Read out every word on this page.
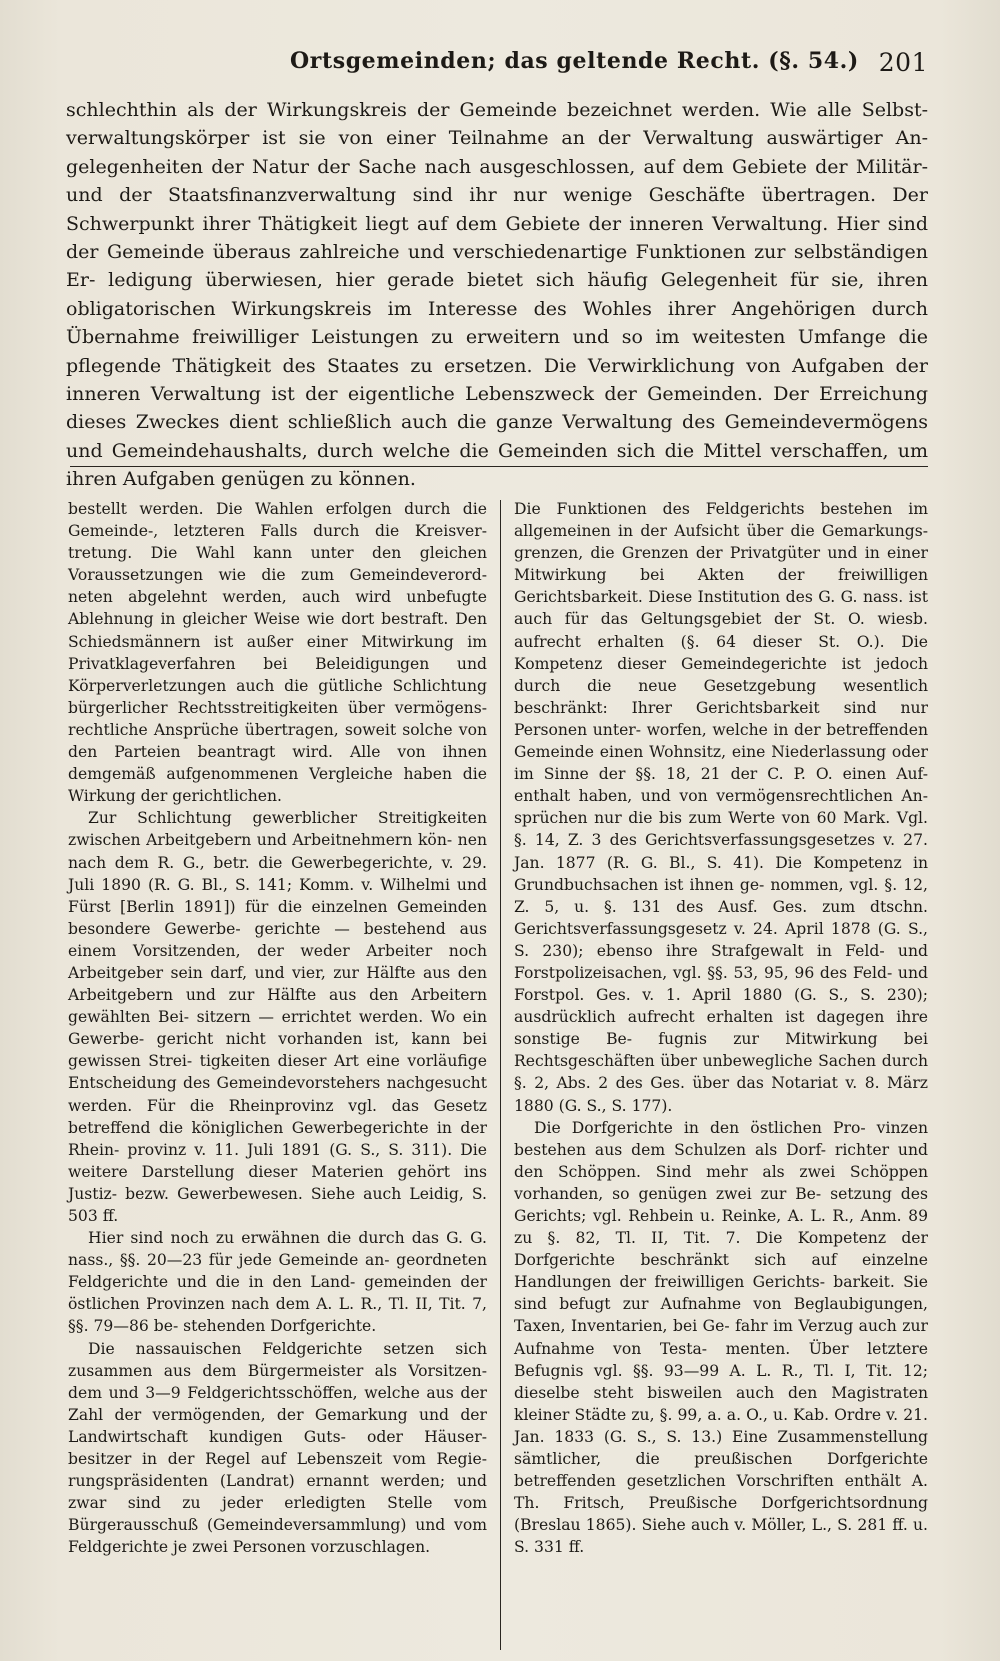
Ortsgemeinden; das geltende Recht. (§. 54.) 201

schlechthin als der Wirkungskreis der Gemeinde bezeichnet werden. Wie alle Selbst- verwaltungskörper ist sie von einer Teilnahme an der Verwaltung auswärtiger An- gelegenheiten der Natur der Sache nach ausgeschlossen, auf dem Gebiete der Militär- und der Staatsfinanzverwaltung sind ihr nur wenige Geschäfte übertragen. Der Schwerpunkt ihrer Thätigkeit liegt auf dem Gebiete der inneren Verwaltung. Hier sind der Gemeinde überaus zahlreiche und verschiedenartige Funktionen zur selbständigen Er- ledigung überwiesen, hier gerade bietet sich häufig Gelegenheit für sie, ihren obligatorischen Wirkungskreis im Interesse des Wohles ihrer Angehörigen durch Übernahme freiwilliger Leistungen zu erweitern und so im weitesten Umfange die pflegende Thätigkeit des Staates zu ersetzen. Die Verwirklichung von Aufgaben der inneren Verwaltung ist der eigentliche Lebenszweck der Gemeinden. Der Erreichung dieses Zweckes dient schließlich auch die ganze Verwaltung des Gemeindevermögens und Gemeindehaushalts, durch welche die Gemeinden sich die Mittel verschaffen, um ihren Aufgaben genügen zu können.

bestellt werden. Die Wahlen erfolgen durch die Gemeinde-, letzteren Falls durch die Kreisver- tretung. Die Wahl kann unter den gleichen Voraussetzungen wie die zum Gemeindeverord- neten abgelehnt werden, auch wird unbefugte Ablehnung in gleicher Weise wie dort bestraft. Den Schiedsmännern ist außer einer Mitwirkung im Privatklageverfahren bei Beleidigungen und Körperverletzungen auch die gütliche Schlichtung bürgerlicher Rechtsstreitigkeiten über vermögens- rechtliche Ansprüche übertragen, soweit solche von den Parteien beantragt wird. Alle von ihnen demgemäß aufgenommenen Vergleiche haben die Wirkung der gerichtlichen.

Zur Schlichtung gewerblicher Streitigkeiten zwischen Arbeitgebern und Arbeitnehmern kön- nen nach dem R. G., betr. die Gewerbegerichte, v. 29. Juli 1890 (R. G. Bl., S. 141; Komm. v. Wilhelmi und Fürst [Berlin 1891]) für die einzelnen Gemeinden besondere Gewerbe- gerichte — bestehend aus einem Vorsitzenden, der weder Arbeiter noch Arbeitgeber sein darf, und vier, zur Hälfte aus den Arbeitgebern und zur Hälfte aus den Arbeitern gewählten Bei- sitzern — errichtet werden. Wo ein Gewerbe- gericht nicht vorhanden ist, kann bei gewissen Strei- tigkeiten dieser Art eine vorläufige Entscheidung des Gemeindevorstehers nachgesucht werden. Für die Rheinprovinz vgl. das Gesetz betreffend die königlichen Gewerbegerichte in der Rhein- provinz v. 11. Juli 1891 (G. S., S. 311). Die weitere Darstellung dieser Materien gehört ins Justiz- bezw. Gewerbewesen. Siehe auch Leidig, S. 503 ff.

Hier sind noch zu erwähnen die durch das G. G. nass., §§. 20—23 für jede Gemeinde an- geordneten Feldgerichte und die in den Land- gemeinden der östlichen Provinzen nach dem A. L. R., Tl. II, Tit. 7, §§. 79—86 be- stehenden Dorfgerichte.

Die nassauischen Feldgerichte setzen sich zusammen aus dem Bürgermeister als Vorsitzen- dem und 3—9 Feldgerichtsschöffen, welche aus der Zahl der vermögenden, der Gemarkung und der Landwirtschaft kundigen Guts- oder Häuser- besitzer in der Regel auf Lebenszeit vom Regie- rungspräsidenten (Landrat) ernannt werden; und zwar sind zu jeder erledigten Stelle vom Bürgerausschuß (Gemeindeversammlung) und vom Feldgerichte je zwei Personen vorzuschlagen.

Die Funktionen des Feldgerichts bestehen im allgemeinen in der Aufsicht über die Gemarkungs- grenzen, die Grenzen der Privatgüter und in einer Mitwirkung bei Akten der freiwilligen Gerichtsbarkeit. Diese Institution des G. G. nass. ist auch für das Geltungsgebiet der St. O. wiesb. aufrecht erhalten (§. 64 dieser St. O.). Die Kompetenz dieser Gemeindegerichte ist jedoch durch die neue Gesetzgebung wesentlich beschränkt: Ihrer Gerichtsbarkeit sind nur Personen unter- worfen, welche in der betreffenden Gemeinde einen Wohnsitz, eine Niederlassung oder im Sinne der §§. 18, 21 der C. P. O. einen Auf- enthalt haben, und von vermögensrechtlichen An- sprüchen nur die bis zum Werte von 60 Mark. Vgl. §. 14, Z. 3 des Gerichtsverfassungsgesetzes v. 27. Jan. 1877 (R. G. Bl., S. 41). Die Kompetenz in Grundbuchsachen ist ihnen ge- nommen, vgl. §. 12, Z. 5, u. §. 131 des Ausf. Ges. zum dtschn. Gerichtsverfassungsgesetz v. 24. April 1878 (G. S., S. 230); ebenso ihre Strafgewalt in Feld- und Forstpolizeisachen, vgl. §§. 53, 95, 96 des Feld- und Forstpol. Ges. v. 1. April 1880 (G. S., S. 230); ausdrücklich aufrecht erhalten ist dagegen ihre sonstige Be- fugnis zur Mitwirkung bei Rechtsgeschäften über unbewegliche Sachen durch §. 2, Abs. 2 des Ges. über das Notariat v. 8. März 1880 (G. S., S. 177).

Die Dorfgerichte in den östlichen Pro- vinzen bestehen aus dem Schulzen als Dorf- richter und den Schöppen. Sind mehr als zwei Schöppen vorhanden, so genügen zwei zur Be- setzung des Gerichts; vgl. Rehbein u. Reinke, A. L. R., Anm. 89 zu §. 82, Tl. II, Tit. 7. Die Kompetenz der Dorfgerichte beschränkt sich auf einzelne Handlungen der freiwilligen Gerichts- barkeit. Sie sind befugt zur Aufnahme von Beglaubigungen, Taxen, Inventarien, bei Ge- fahr im Verzug auch zur Aufnahme von Testa- menten. Über letztere Befugnis vgl. §§. 93—99 A. L. R., Tl. I, Tit. 12; dieselbe steht bisweilen auch den Magistraten kleiner Städte zu, §. 99, a. a. O., u. Kab. Ordre v. 21. Jan. 1833 (G. S., S. 13.) Eine Zusammenstellung sämtlicher, die preußischen Dorfgerichte betreffenden gesetzlichen Vorschriften enthält A. Th. Fritsch, Preußische Dorfgerichtsordnung (Breslau 1865). Siehe auch v. Möller, L., S. 281 ff. u. S. 331 ff.
